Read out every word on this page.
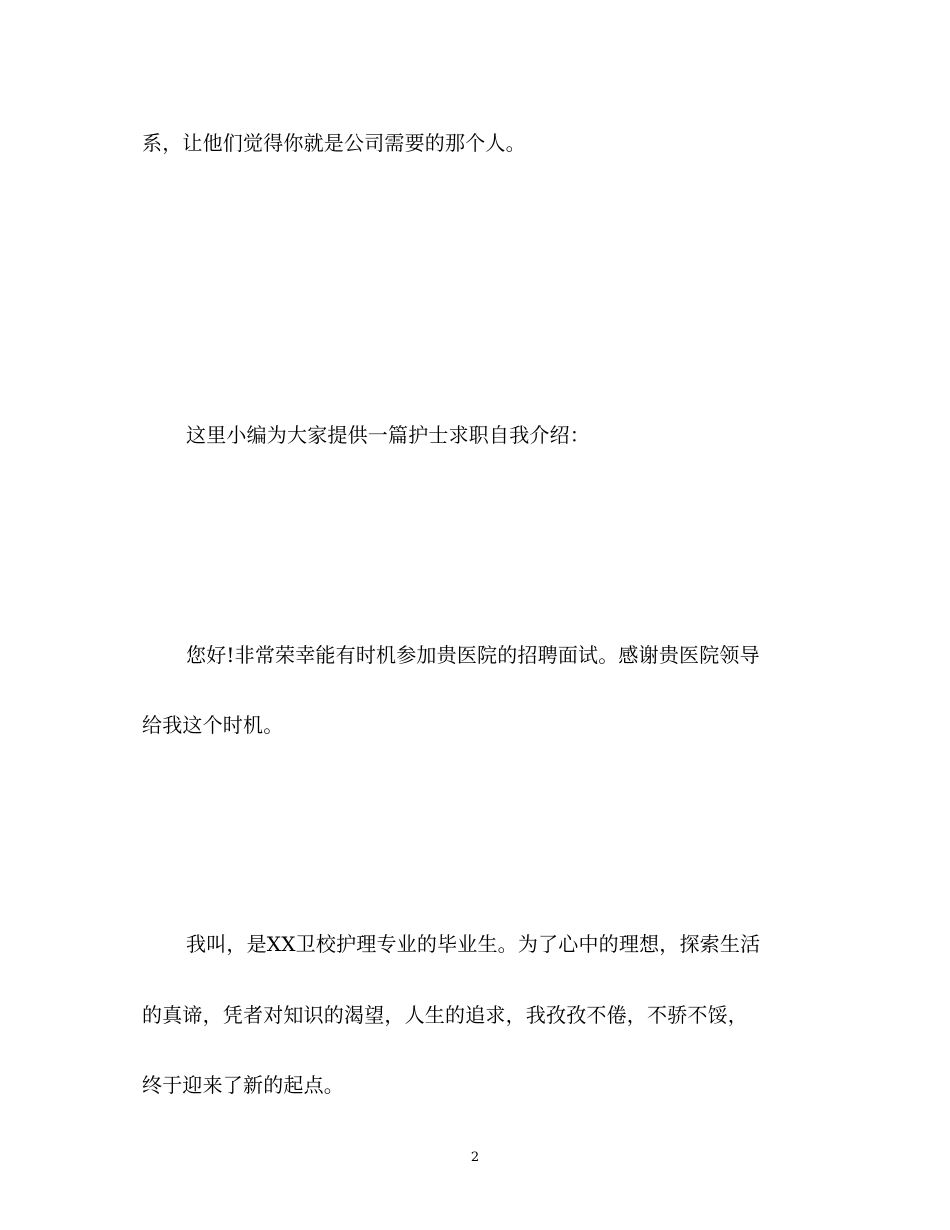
系，让他们觉得你就是公司需要的那个人。
这里小编为大家提供一篇护士求职自我介绍：
您好!非常荣幸能有时机参加贵医院的招聘面试。感谢贵医院领导
给我这个时机。
我叫，是XX卫校护理专业的毕业生。为了心中的理想，探索生活
的真谛，凭者对知识的渴望，人生的追求，我孜孜不倦，不骄不馁，
终于迎来了新的起点。
2
